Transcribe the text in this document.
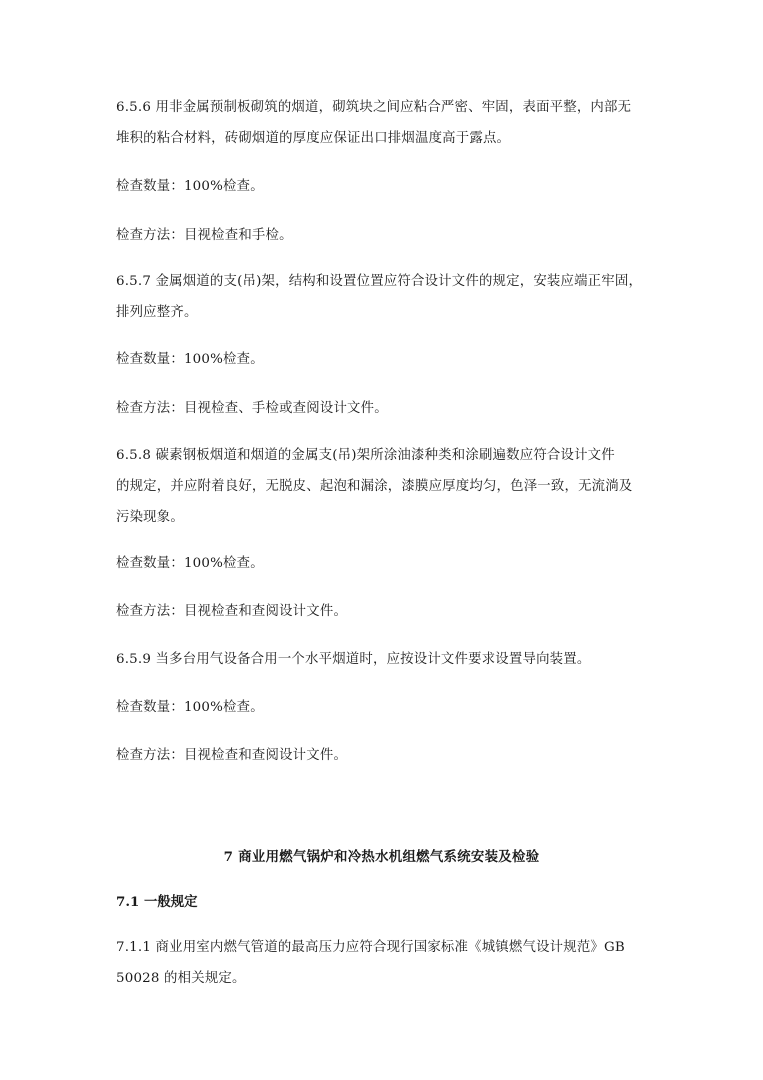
6.5.6 用非金属预制板砌筑的烟道，砌筑块之间应粘合严密、牢固，表面平整，内部无
堆积的粘合材料，砖砌烟道的厚度应保证出口排烟温度高于露点。
检查数量：100%检查。
检查方法：目视检查和手检。
6.5.7 金属烟道的支(吊)架，结构和设置位置应符合设计文件的规定，安装应端正牢固，
排列应整齐。
检查数量：100%检查。
检查方法：目视检查、手检或查阅设计文件。
6.5.8 碳素钢板烟道和烟道的金属支(吊)架所涂油漆种类和涂刷遍数应符合设计文件
的规定，并应附着良好，无脱皮、起泡和漏涂，漆膜应厚度均匀，色泽一致，无流淌及
污染现象。
检查数量：100%检查。
检查方法：目视检查和查阅设计文件。
6.5.9 当多台用气设备合用一个水平烟道时，应按设计文件要求设置导向装置。
检查数量：100%检查。
检查方法：目视检查和查阅设计文件。
7 商业用燃气锅炉和冷热水机组燃气系统安装及检验
7.1 一般规定
7.1.1 商业用室内燃气管道的最高压力应符合现行国家标准《城镇燃气设计规范》GB
50028 的相关规定。
